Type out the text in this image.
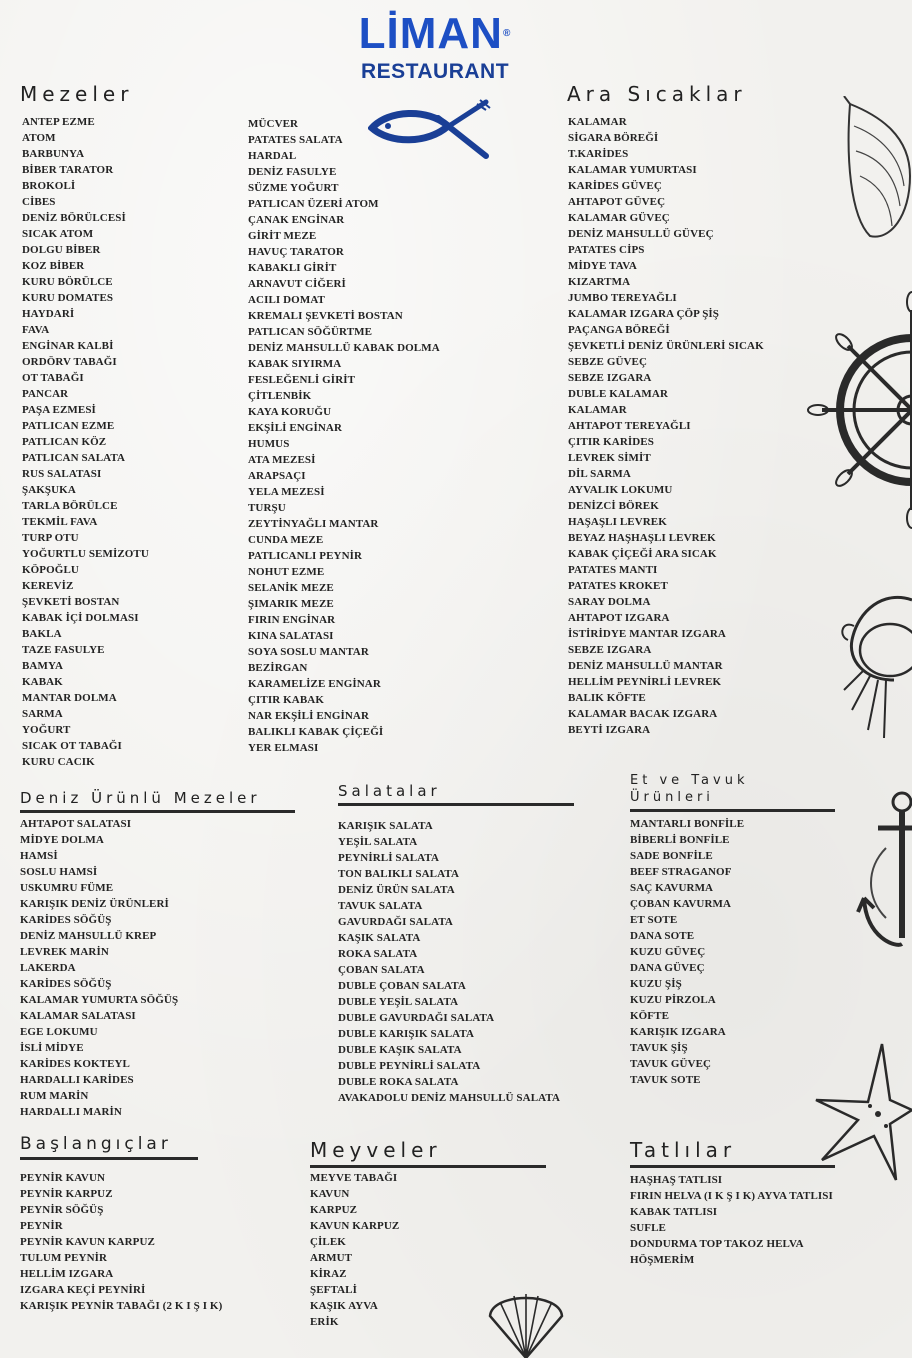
LİMAN®
RESTAURANT
Mezeler
ANTEP EZME
ATOM
BARBUNYA
BİBER TARATOR
BROKOLİ
CİBES
DENİZ BÖRÜLCESİ
SICAK ATOM
DOLGU BİBER
KOZ BİBER
KURU BÖRÜLCE
KURU DOMATES
HAYDARİ
FAVA
ENGİNAR KALBİ
ORDÖRV TABAĞI
OT TABAĞI
PANCAR
PAŞA EZMESİ
PATLICAN EZME
PATLICAN KÖZ
PATLICAN SALATA
RUS SALATASI
ŞAKŞUKA
TARLA BÖRÜLCE
TEKMİL FAVA
TURP OTU
YOĞURTLU SEMİZOTU
KÖPOĞLU
KEREVİZ
ŞEVKETİ BOSTAN
KABAK İÇİ DOLMASI
BAKLA
TAZE FASULYE
BAMYA
KABAK
MANTAR DOLMA
SARMA
YOĞURT
SICAK OT TABAĞI
KURU CACIK
MÜCVER
PATATES SALATA
HARDAL
DENİZ FASULYE
SÜZME YOĞURT
PATLICAN ÜZERİ ATOM
ÇANAK ENGİNAR
GİRİT MEZE
HAVUÇ TARATOR
KABAKLI GİRİT
ARNAVUT CİĞERİ
ACILI DOMAT
KREMALI ŞEVKETİ BOSTAN
PATLICAN SÖĞÜRTME
DENİZ MAHSULLÜ KABAK DOLMA
KABAK SIYIRMA
FESLEĞENLİ GİRİT
ÇİTLENBİK
KAYA KORUĞU
EKŞİLİ ENGİNAR
HUMUS
ATA MEZESİ
ARAPSAÇI
YELA MEZESİ
TURŞU
ZEYTİNYAĞLI MANTAR
CUNDA MEZE
PATLICANLI PEYNİR
NOHUT EZME
SELANİK MEZE
ŞIMARIK MEZE
FIRIN ENGİNAR
KINA SALATASI
SOYA SOSLU MANTAR
BEZİRGAN
KARAMELİZE ENGİNAR
ÇITIR KABAK
NAR EKŞİLİ ENGİNAR
BALIKLI KABAK ÇİÇEĞİ
YER ELMASI
Ara Sıcaklar
KALAMAR
SİGARA BÖREĞİ
T.KARİDES
KALAMAR YUMURTASI
KARİDES GÜVEÇ
AHTAPOT GÜVEÇ
KALAMAR GÜVEÇ
DENİZ MAHSULLÜ GÜVEÇ
PATATES CİPS
MİDYE TAVA
KIZARTMA
JUMBO TEREYAĞLI
KALAMAR IZGARA ÇÖP ŞİŞ
PAÇANGA BÖREĞİ
ŞEVKETLİ DENİZ ÜRÜNLERİ SICAK
SEBZE GÜVEÇ
SEBZE IZGARA
DUBLE KALAMAR
KALAMAR
AHTAPOT TEREYAĞLI
ÇITIR KARİDES
LEVREK SİMİT
DİL SARMA
AYVALIK LOKUMU
DENİZCİ BÖREK
HAŞAŞLI LEVREK
BEYAZ HAŞHAŞLI LEVREK
KABAK ÇİÇEĞİ ARA SICAK
PATATES MANTI
PATATES KROKET
SARAY DOLMA
AHTAPOT IZGARA
İSTİRİDYE MANTAR IZGARA
SEBZE IZGARA
DENİZ MAHSULLÜ MANTAR
HELLİM PEYNİRLİ LEVREK
BALIK KÖFTE
KALAMAR BACAK IZGARA
BEYTİ IZGARA
Deniz Ürünlü Mezeler
AHTAPOT SALATASI
MİDYE DOLMA
HAMSİ
SOSLU HAMSİ
USKUMRU FÜME
KARIŞIK DENİZ ÜRÜNLERİ
KARİDES SÖĞÜŞ
DENİZ MAHSULLÜ KREP
LEVREK MARİN
LAKERDA
KARİDES SÖĞÜŞ
KALAMAR YUMURTA SÖĞÜŞ
KALAMAR SALATASI
EGE LOKUMU
İSLİ MİDYE
KARİDES KOKTEYL
HARDALLI KARİDES
RUM MARİN
HARDALLI MARİN
Salatalar
KARIŞIK SALATA
YEŞİL SALATA
PEYNİRLİ SALATA
TON BALIKLI SALATA
DENİZ ÜRÜN SALATA
TAVUK SALATA
GAVURDAĞI SALATA
KAŞIK SALATA
ROKA SALATA
ÇOBAN SALATA
DUBLE ÇOBAN SALATA
DUBLE YEŞİL SALATA
DUBLE GAVURDAĞI SALATA
DUBLE KARIŞIK SALATA
DUBLE KAŞIK SALATA
DUBLE PEYNİRLİ SALATA
DUBLE ROKA SALATA
AVAKADOLU DENİZ MAHSULLÜ SALATA
Et ve Tavuk
Ürünleri
MANTARLI BONFİLE
BİBERLİ BONFİLE
SADE BONFİLE
BEEF STRAGANOF
SAÇ KAVURMA
ÇOBAN KAVURMA
ET SOTE
DANA SOTE
KUZU GÜVEÇ
DANA GÜVEÇ
KUZU ŞİŞ
KUZU PİRZOLA
KÖFTE
KARIŞIK IZGARA
TAVUK ŞİŞ
TAVUK GÜVEÇ
TAVUK SOTE
Başlangıçlar
PEYNİR KAVUN
PEYNİR KARPUZ
PEYNİR SÖĞÜŞ
PEYNİR
PEYNİR KAVUN KARPUZ
TULUM PEYNİR
HELLİM IZGARA
IZGARA KEÇİ PEYNİRİ
KARIŞIK PEYNİR TABAĞI (2 K I Ş I K)
Meyveler
MEYVE TABAĞI
KAVUN
KARPUZ
KAVUN KARPUZ
ÇİLEK
ARMUT
KİRAZ
ŞEFTALİ
KAŞIK AYVA
ERİK
Tatlılar
HAŞHAŞ TATLISI
FIRIN HELVA (I K Ş I K) AYVA TATLISI
KABAK TATLISI
SUFLE
DONDURMA TOP TAKOZ HELVA
HÖŞMERİM
